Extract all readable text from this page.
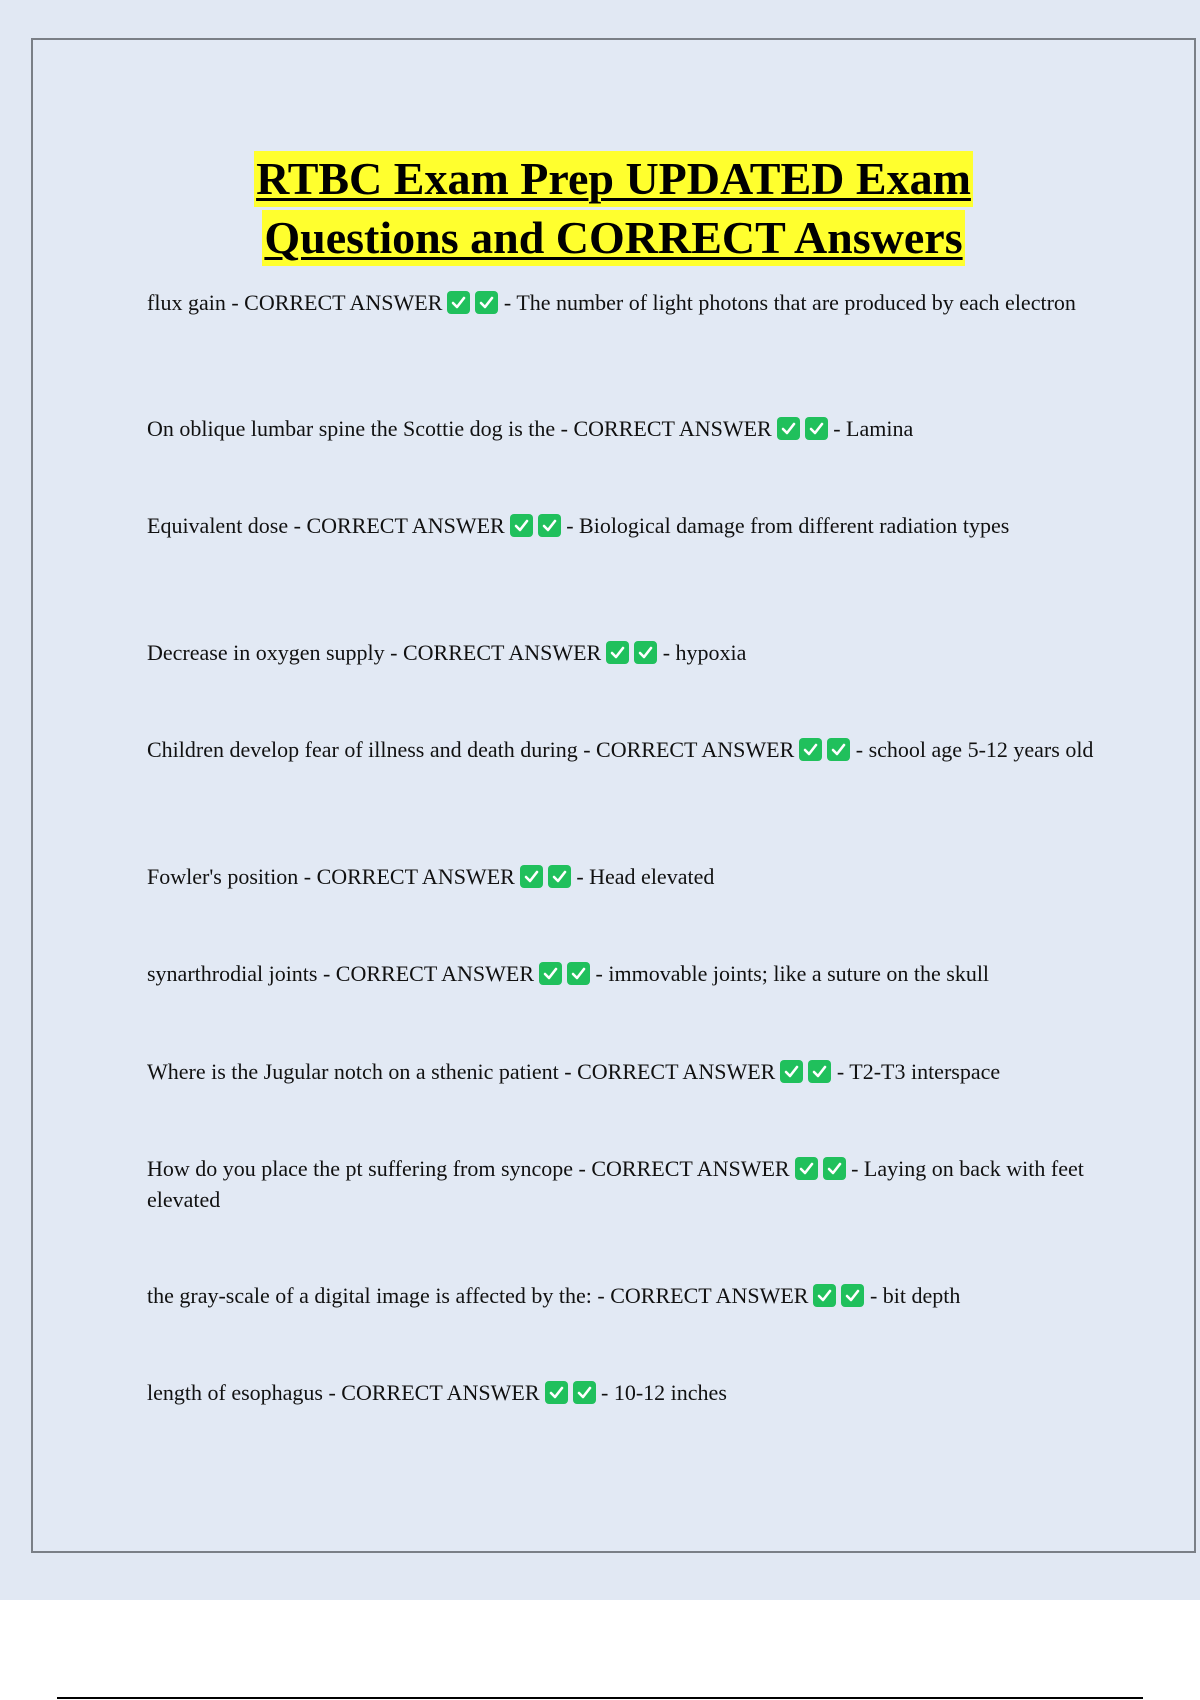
RTBC Exam Prep UPDATED Exam
Questions and CORRECT Answers
flux gain - CORRECT ANSWER	- The number of light photons that are produced by each electron
On oblique lumbar spine the Scottie dog is the - CORRECT ANSWER	- Lamina
Equivalent dose - CORRECT ANSWER	- Biological damage from different radiation types
Decrease in oxygen supply - CORRECT ANSWER	- hypoxia
Children develop fear of illness and death during - CORRECT ANSWER	- school age 5-12 years old
Fowler's position - CORRECT ANSWER	- Head elevated
synarthrodial joints - CORRECT ANSWER	- immovable joints; like a suture on the skull
Where is the Jugular notch on a sthenic patient - CORRECT ANSWER	- T2-T3 interspace
How do you place the pt suffering from syncope - CORRECT ANSWER	- Laying on back with feet elevated
the gray-scale of a digital image is affected by the: - CORRECT ANSWER	- bit depth
length of esophagus - CORRECT ANSWER	- 10-12 inches
